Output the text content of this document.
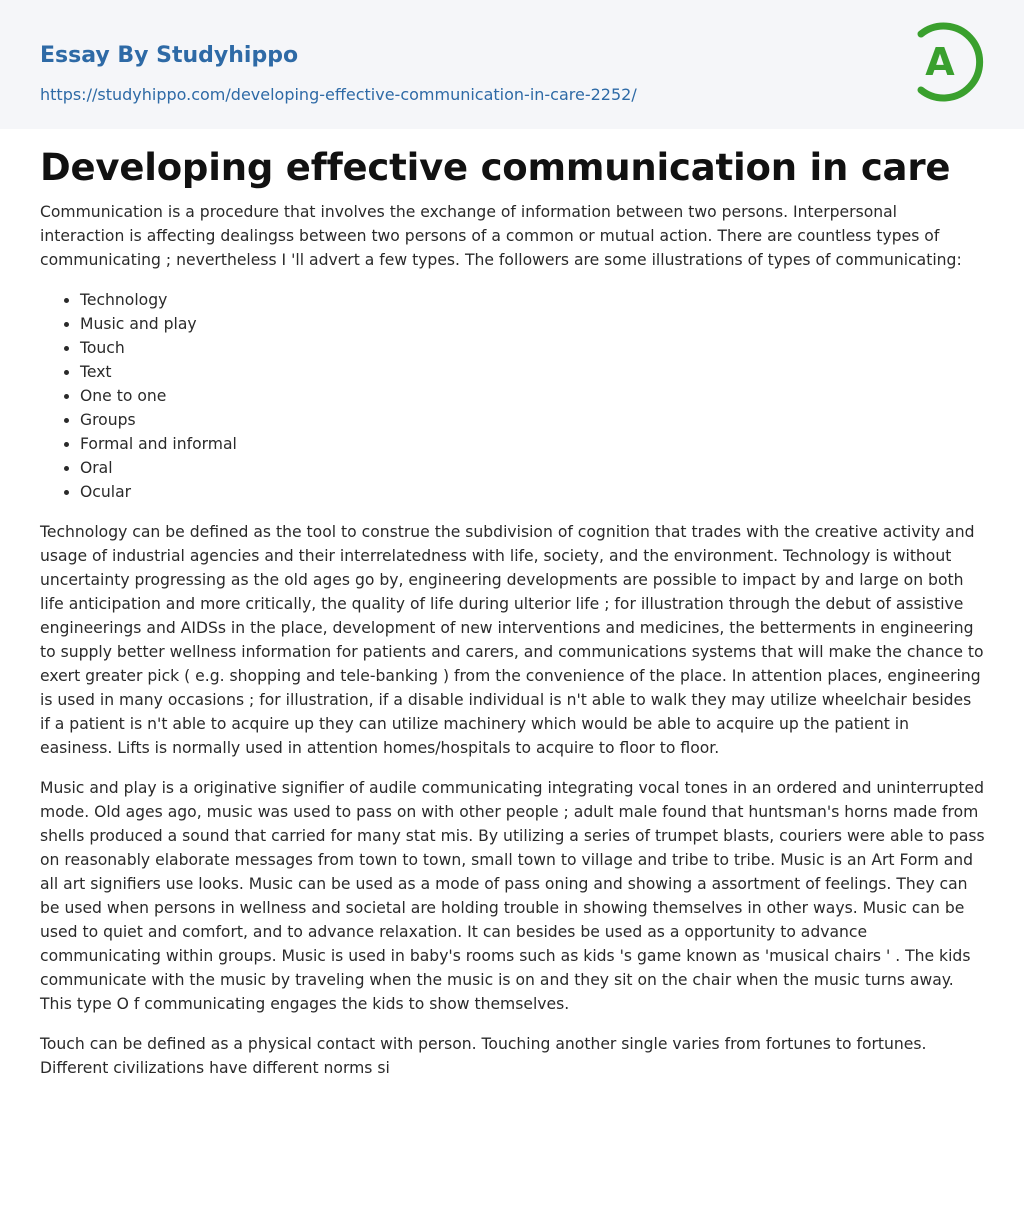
Essay By Studyhippo
https://studyhippo.com/developing-effective-communication-in-care-2252/
A
Developing effective communication in care

Communication is a procedure that involves the exchange of information between two persons. Interpersonal interaction is affecting dealingss between two persons of a common or mutual action. There are countless types of communicating ; nevertheless I 'll advert a few types. The followers are some illustrations of types of communicating:

• Technology
• Music and play
• Touch
• Text
• One to one
• Groups
• Formal and informal
• Oral
• Ocular

Technology can be defined as the tool to construe the subdivision of cognition that trades with the creative activity and usage of industrial agencies and their interrelatedness with life, society, and the environment. Technology is without uncertainty progressing as the old ages go by, engineering developments are possible to impact by and large on both life anticipation and more critically, the quality of life during ulterior life ; for illustration through the debut of assistive engineerings and AIDSs in the place, development of new interventions and medicines, the betterments in engineering to supply better wellness information for patients and carers, and communications systems that will make the chance to exert greater pick ( e.g. shopping and tele-banking ) from the convenience of the place. In attention places, engineering is used in many occasions ; for illustration, if a disable individual is n't able to walk they may utilize wheelchair besides if a patient is n't able to acquire up they can utilize machinery which would be able to acquire up the patient in easiness. Lifts is normally used in attention homes/hospitals to acquire to floor to floor.

Music and play is a originative signifier of audile communicating integrating vocal tones in an ordered and uninterrupted mode. Old ages ago, music was used to pass on with other people ; adult male found that huntsman's horns made from shells produced a sound that carried for many stat mis. By utilizing a series of trumpet blasts, couriers were able to pass on reasonably elaborate messages from town to town, small town to village and tribe to tribe. Music is an Art Form and all art signifiers use looks. Music can be used as a mode of pass oning and showing a assortment of feelings. They can be used when persons in wellness and societal are holding trouble in showing themselves in other ways. Music can be used to quiet and comfort, and to advance relaxation. It can besides be used as a opportunity to advance communicating within groups. Music is used in baby's rooms such as kids 's game known as 'musical chairs ' . The kids communicate with the music by traveling when the music is on and they sit on the chair when the music turns away. This type O f communicating engages the kids to show themselves.

Touch can be defined as a physical contact with person. Touching another single varies from fortunes to fortunes. Different civilizations have different norms si
